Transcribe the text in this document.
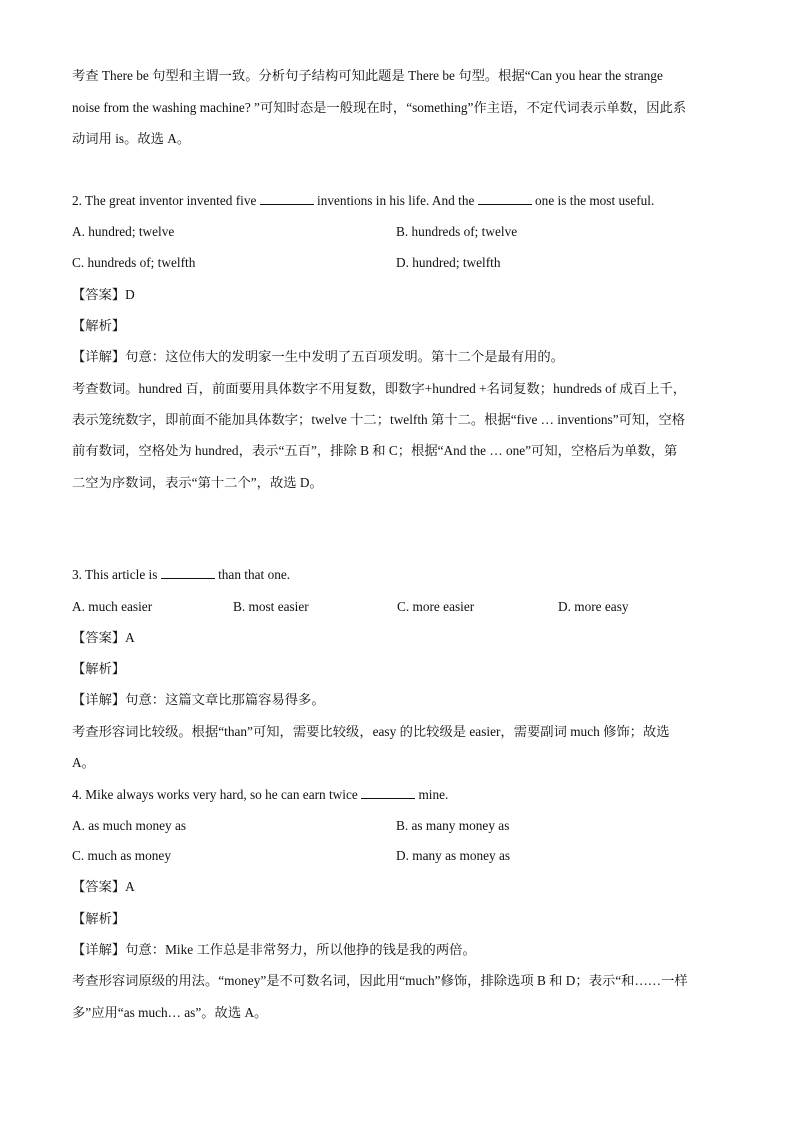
考查 There be 句型和主谓一致。分析句子结构可知此题是 There be 句型。根据“Can you hear the strange
noise from the washing machine? ”可知时态是一般现在时，“something”作主语，不定代词表示单数，因此系
动词用 is。故选 A。
2. The great inventor invented five	inventions in his life. And the	one is the most useful.
A. hundred; twelve	B. hundreds of; twelve
C. hundreds of; twelfth	D. hundred; twelfth
【答案】D
【解析】
【详解】句意：这位伟大的发明家一生中发明了五百项发明。第十二个是最有用的。
考查数词。hundred 百，前面要用具体数字不用复数，即数字+hundred +名词复数；hundreds of 成百上千，
表示笼统数字，即前面不能加具体数字；twelve 十二；twelfth 第十二。根据“five … inventions”可知，空格
前有数词，空格处为 hundred，表示“五百”，排除 B 和 C；根据“And the … one”可知，空格后为单数，第
二空为序数词，表示“第十二个”，故选 D。
3. This article is	than that one.
A. much easier	B. most easier	C. more easier	D. more easy
【答案】A
【解析】
【详解】句意：这篇文章比那篇容易得多。
考查形容词比较级。根据“than”可知，需要比较级，easy 的比较级是 easier，需要副词 much 修饰；故选
A。
4. Mike always works very hard, so he can earn twice	mine.
A. as much money as	B. as many money as
C. much as money	D. many as money as
【答案】A
【解析】
【详解】句意：Mike 工作总是非常努力，所以他挣的钱是我的两倍。
考查形容词原级的用法。“money”是不可数名词，因此用“much”修饰，排除选项 B 和 D；表示“和……一样
多”应用“as much… as”。故选 A。
